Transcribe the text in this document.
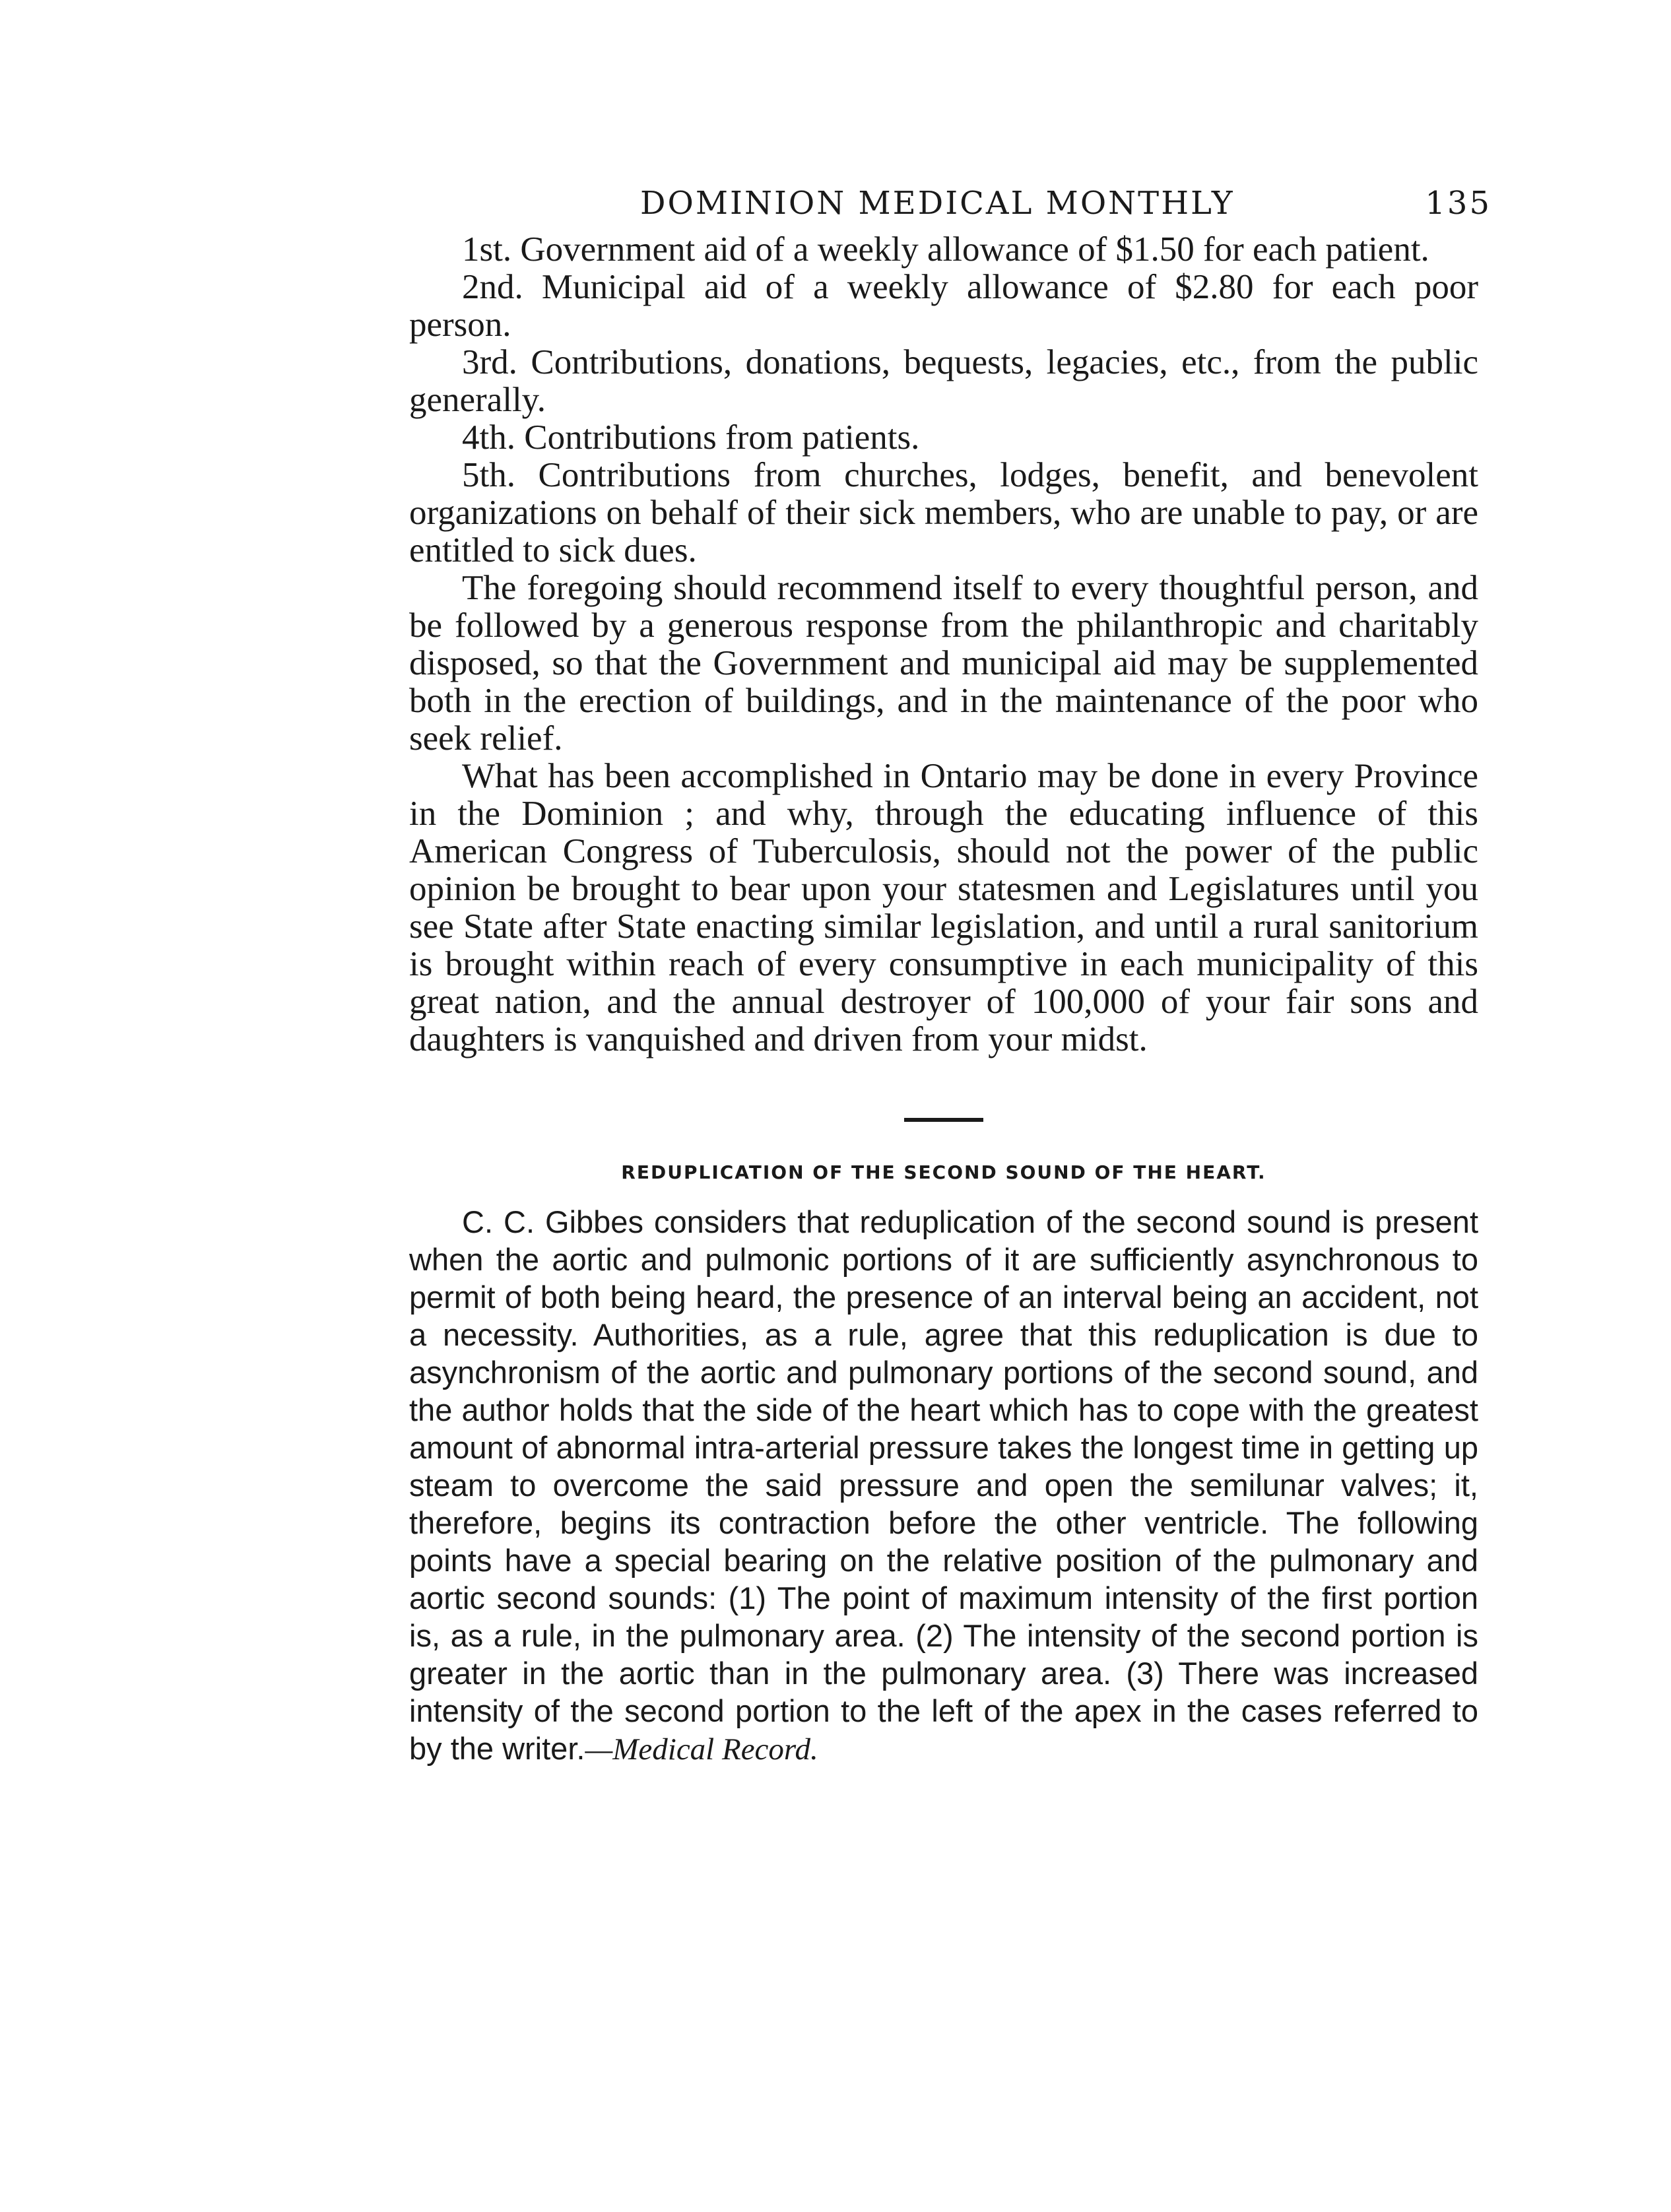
DOMINION MEDICAL MONTHLY	135

1st. Government aid of a weekly allowance of $1.50 for each patient.

2nd. Municipal aid of a weekly allowance of $2.80 for each poor person.

3rd. Contributions, donations, bequests, legacies, etc., from the public generally.

4th. Contributions from patients.

5th. Contributions from churches, lodges, benefit, and benevolent organizations on behalf of their sick members, who are unable to pay, or are entitled to sick dues.

The foregoing should recommend itself to every thoughtful person, and be followed by a generous response from the philanthropic and charitably disposed, so that the Government and municipal aid may be supplemented both in the erection of buildings, and in the maintenance of the poor who seek relief.

What has been accomplished in Ontario may be done in every Province in the Dominion ; and why, through the educating influence of this American Congress of Tuberculosis, should not the power of the public opinion be brought to bear upon your statesmen and Legislatures until you see State after State enacting similar legislation, and until a rural sanitorium is brought within reach of every consumptive in each municipality of this great nation, and the annual destroyer of 100,000 of your fair sons and daughters is vanquished and driven from your midst.

REDUPLICATION OF THE SECOND SOUND OF THE HEART.

C. C. Gibbes considers that reduplication of the second sound is present when the aortic and pulmonic portions of it are sufficiently asynchronous to permit of both being heard, the presence of an interval being an accident, not a necessity. Authorities, as a rule, agree that this reduplication is due to asynchronism of the aortic and pulmonary portions of the second sound, and the author holds that the side of the heart which has to cope with the greatest amount of abnormal intra-arterial pressure takes the longest time in getting up steam to overcome the said pressure and open the semilunar valves; it, therefore, begins its contraction before the other ventricle. The following points have a special bearing on the relative position of the pulmonary and aortic second sounds: (1) The point of maximum intensity of the first portion is, as a rule, in the pulmonary area. (2) The intensity of the second portion is greater in the aortic than in the pulmonary area. (3) There was increased intensity of the second portion to the left of the apex in the cases referred to by the writer.—Medical Record.
